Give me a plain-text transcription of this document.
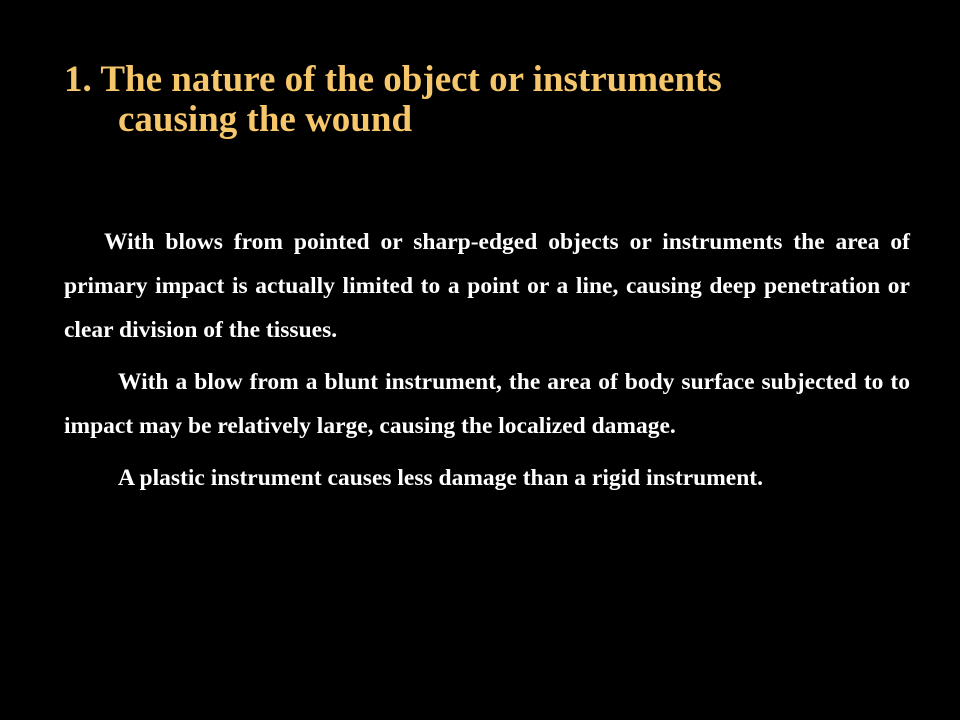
1. The nature of the object or instruments
causing the wound

With blows from pointed or sharp-edged objects or instruments the area of primary impact is actually limited to a point or a line, causing deep penetration or clear division of the tissues.

With a blow from a blunt instrument, the area of body surface subjected to to impact may be relatively large, causing the localized damage.

A plastic instrument causes less damage than a rigid instrument.
